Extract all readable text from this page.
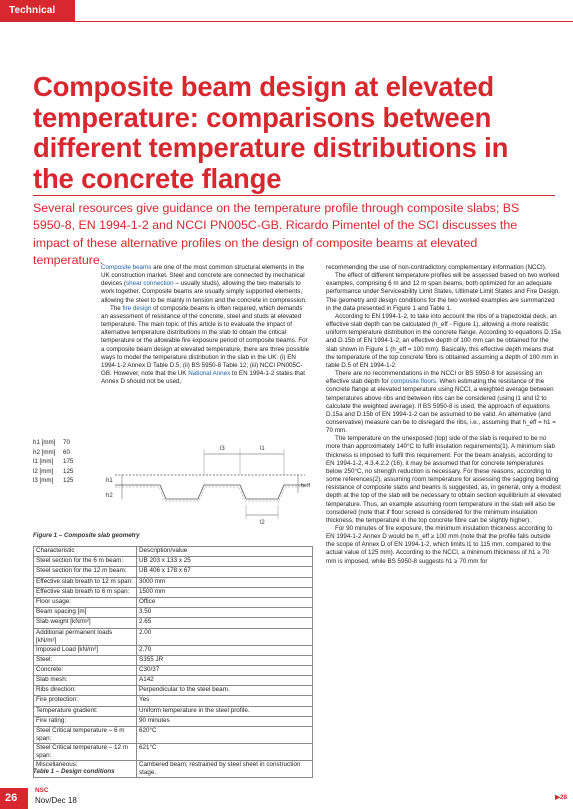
Technical
Composite beam design at elevated temperature: comparisons between different temperature distributions in the concrete flange

Several resources give guidance on the temperature profile through composite slabs; BS 5950-8, EN 1994-1-2 and NCCI PN005C-GB. Ricardo Pimentel of the SCI discusses the impact of these alternative profiles on the design of composite beams at elevated temperature.

Composite beams are one of the most common structural elements in the UK construction market. Steel and concrete are connected by mechanical devices (shear connection – usually studs), allowing the two materials to work together. Composite beams are usually simply supported elements, allowing the steel to be mainly in tension and the concrete in compression.

The fire design of composite beams is often required, which demands an assessment of resistance of the concrete, steel and studs at elevated temperature. The main topic of this article is to evaluate the impact of alternative temperature distributions in the slab to obtain the critical temperature or the allowable fire exposure period of composite beams. For a composite beam design at elevated temperature, there are three possible ways to model the temperature distribution in the slab in the UK: (i) EN 1994-1-2 Annex D Table D.5; (ii) BS 5950-8 Table 12; (iii) NCCI PN005C-GB. However, note that the UK National Annex to EN 1994-1-2 states that Annex D should not be used,

recommending the use of non-contradictory complementary information (NCCI).

The effect of different temperature profiles will be assessed based on two worked examples, comprising 6 m and 12 m span beams, both optimized for an adequate performance under Serviceability Limit States, Ultimate Limit States and Fire Design. The geometry and design conditions for the two worked examples are summarized in the data presented in Figure 1 and Table 1.

According to EN 1994-1-2, to take into account the ribs of a trapezoidal deck, an effective slab depth can be calculated (h_eff - Figure 1), allowing a more realistic uniform temperature distribution in the concrete flange. According to equations D.15a and D.15b of EN 1994-1-2, an effective depth of 100 mm can be obtained for the slab shown in Figure 1 (h_eff = 100 mm). Basically, this effective depth means that the temperature of the top concrete fibre is obtained assuming a depth of 100 mm in table D.5 of EN 1994-1-2.

There are no recommendations in the NCCI or BS 5950-8 for assessing an effective slab depth for composite floors. When estimating the resistance of the concrete flange at elevated temperature using NCCI, a weighted average between temperatures above ribs and between ribs can be considered (using l1 and l2 to calculate the weighted average). If BS 5950-8 is used, the approach of equations D.15a and D.15b of EN 1994-1-2 can be assumed to be valid. An alternative (and conservative) measure can be to disregard the ribs, i.e., assuming that h_eff = h1 = 70 mm.

The temperature on the unexposed (top) side of the slab is required to be no more than approximately 140°C to fulfil insulation requirements(1). A minimum slab thickness is imposed to fulfil this requirement. For the beam analysis, according to EN 1994-1-2, 4.3.4.2.2 (16), it may be assumed that for concrete temperatures below 250°C, no strength reduction is necessary. For these reasons, according to some references(2), assuming room temperature for assessing the sagging bending resistance of composite slabs and beams is suggested, as, in general, only a modest depth at the top of the slab will be necessary to obtain section equilibrium at elevated temperature. Thus, an example assuming room temperature in the slab will also be considered (note that if floor screed is considered for the minimum insulation thickness, the temperature in the top concrete fibre can be slightly higher).

For 90 minutes of fire exposure, the minimum insulation thickness according to EN 1994-1-2 Annex D would be h_eff ≥ 100 mm (note that the profile falls outside the scope of Annex D of EN 1994-1-2, which limits l1 to 115 mm, compared to the actual value of 125 mm). According to the NCCI, a minimum thickness of h1 ≥ 70 mm is imposed, while BS 5950-8 suggests h1 ≥ 70 mm for

h1 [mm] 70
h2 [mm] 60
l1 [mm] 175
l2 [mm] 125
l3 [mm] 125
l3	l1
l2
h1
h2
heff
Figure 1 – Composite slab geometry
Characteristic	Description/value
Steel section for the 6 m beam:	UB 203 x 133 x 25
Steel section for the 12 m beam:	UB 406 x 178 x 67
Effective slab breath to 12 m span:	3000 mm
Effective slab breath to 6 m span:	1500 mm
Floor usage:	Office
Beam spacing [m]	3.50
Slab weight [kN/m²]	2.65
Additional permanent loads [kN/m²]	2.00
Imposed Load [kN/m²]	2.70
Steel:	S355 JR
Concrete:	C30/37
Slab mesh:	A142
Ribs direction:	Perpendicular to the steel beam.
Fire protection:	Yes
Temperature gradient:	Uniform temperature in the steel profile.
Fire rating:	90 minutes
Steel Critical temperature – 6 m span:	620°C
Steel Critical temperature – 12 m span:	621°C
Miscellaneous:	Cambered beam; restrained by steel sheet in construction stage.
Table 1 – Design conditions
26
NSC
Nov/Dec 18	▶28
